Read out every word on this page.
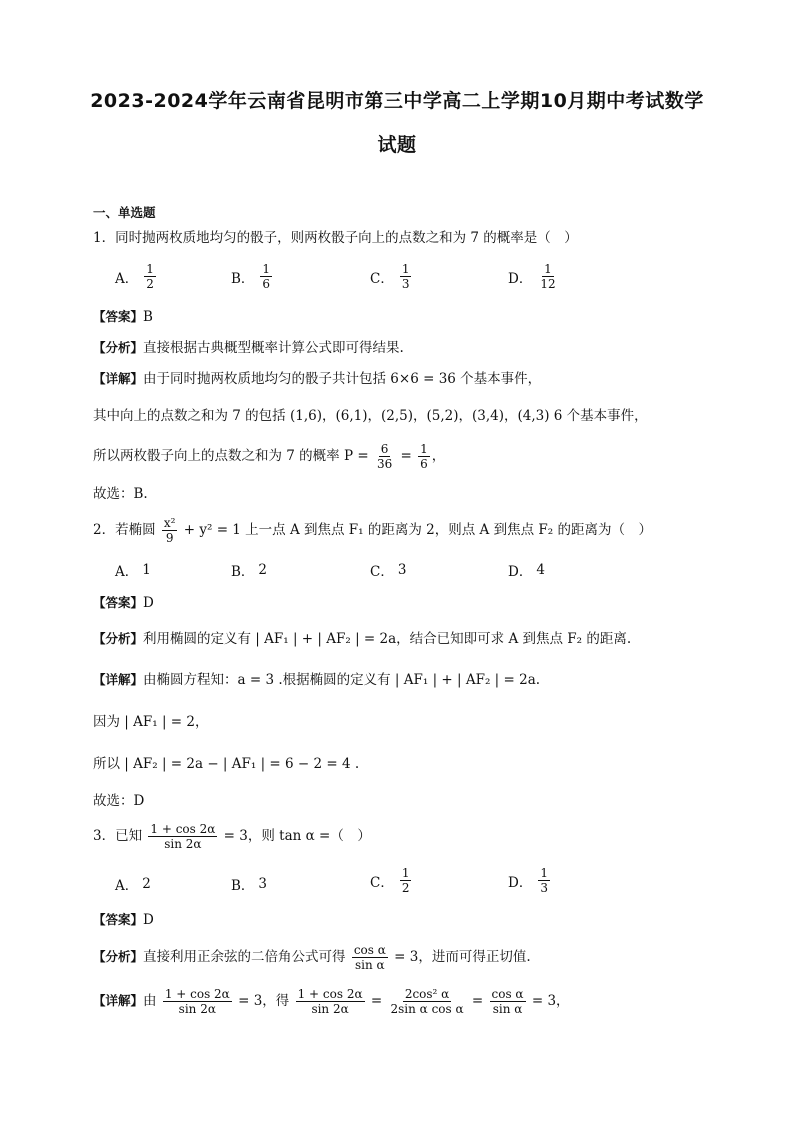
2023-2024学年云南省昆明市第三中学高二上学期10月期中考试数学
试题
一、单选题
1．同时抛两枚质地均匀的骰子，则两枚骰子向上的点数之和为 7 的概率是（　）
A． $\frac{1}{2}$	B． $\frac{1}{6}$	C． $\frac{1}{3}$	D． $\frac{1}{12}$
【答案】B
【分析】直接根据古典概型概率计算公式即可得结果.
【详解】由于同时抛两枚质地均匀的骰子共计包括 6×6 = 36 个基本事件，
其中向上的点数之和为 7 的包括 (1,6)，(6,1)，(2,5)，(5,2)，(3,4)，(4,3) 6 个基本事件，
所以两枚骰子向上的点数之和为 7 的概率 $P = \frac{6}{36} = \frac{1}{6}$ ，
故选：B.
2．若椭圆 $\frac{\text{x²}}{9} + y^2 = 1$ 上一点 A 到焦点 F₁ 的距离为 2，则点 A 到焦点 F₂ 的距离为（　）
A． 1	B． 2	C． 3	D． 4
【答案】D
【分析】利用椭圆的定义有 | AF₁ | + | AF₂ | = 2a，结合已知即可求 A 到焦点 F₂ 的距离.
【详解】由椭圆方程知：a = 3 .根据椭圆的定义有 | AF₁ | + | AF₂ | = 2a.
因为 | AF₁ | = 2，
所以 | AF₂ | = 2a − | AF₁ | = 6 − 2 = 4 .
故选：D
3．已知 $\frac{1 + \cos 2\alpha}{\sin 2\alpha} = 3$，则 tan α =（　）
A． 2	B． 3	C． $\frac{1}{2}$	D． $\frac{1}{3}$
【答案】D
【分析】直接利用正余弦的二倍角公式可得 $\frac{\text{cos α}}{\text{sin α}} = 3$，进而可得正切值.
【详解】由 $\frac{1 + \cos 2\alpha}{\sin 2\alpha} = 3$，得 $\frac{1 + \cos 2\alpha}{\sin 2\alpha} = \frac{\text{2cos² α}}{\text{2sin α cos α}} = \frac{\text{cos α}}{\text{sin α}} = 3$，
